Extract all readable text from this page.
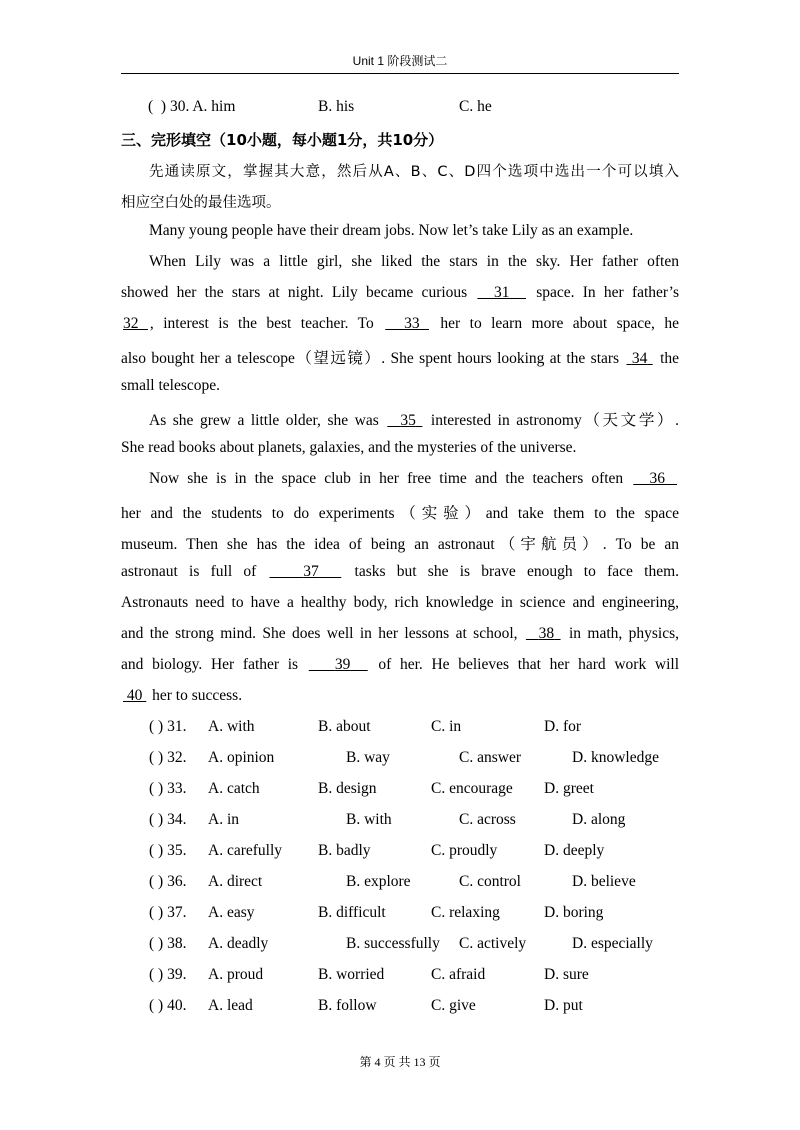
Unit 1 阶段测试二
( ) 30. A. him	B. his	C. he
三、完形填空（10小题，每小题1分，共10分）
先通读原文，掌握其大意，然后从A、B、C、D四个选项中选出一个可以填入
相应空白处的最佳选项。
Many young people have their dream jobs. Now let’s take Lily as an example.
When Lily was a little girl, she liked the stars in the sky. Her father often
showed her the stars at night. Lily became curious 31 space. In her father’s
32 , interest is the best teacher. To 33 her to learn more about space, he
also bought her a telescope（望远镜）. She spent hours looking at the stars 34 the
small telescope.
As she grew a little older, she was 35 interested in astronomy（天文学）.
She read books about planets, galaxies, and the mysteries of the universe.
Now she is in the space club in her free time and the teachers often 36
her and the students to do experiments（实验）and take them to the space
museum. Then she has the idea of being an astronaut（宇航员）. To be an
astronaut is full of	37 tasks but she is brave enough to face them.
Astronauts need to have a healthy body, rich knowledge in science and engineering,
and the strong mind. She does well in her lessons at school, 38 in math, physics,
and biology. Her father is 39 of her. He believes that her hard work will
40 her to success.
( ) 31. A. with	B. about	C. in	D. for
( ) 32. A. opinion	B. way	C. answer	D. knowledge
( ) 33. A. catch	B. design	C. encourage D. greet
( ) 34. A. in	B. with	C. across	D. along
( ) 35. A. carefully B. badly	C. proudly	D. deeply
( ) 36. A. direct	B. explore	C. control	D. believe
( ) 37. A. easy	B. difficult	C. relaxing	D. boring
( ) 38. A. deadly	B. successfully C. actively	D. especially
( ) 39. A. proud	B. worried	C. afraid	D. sure
( ) 40. A. lead	B. follow	C. give	D. put
第 4 页 共 13 页
